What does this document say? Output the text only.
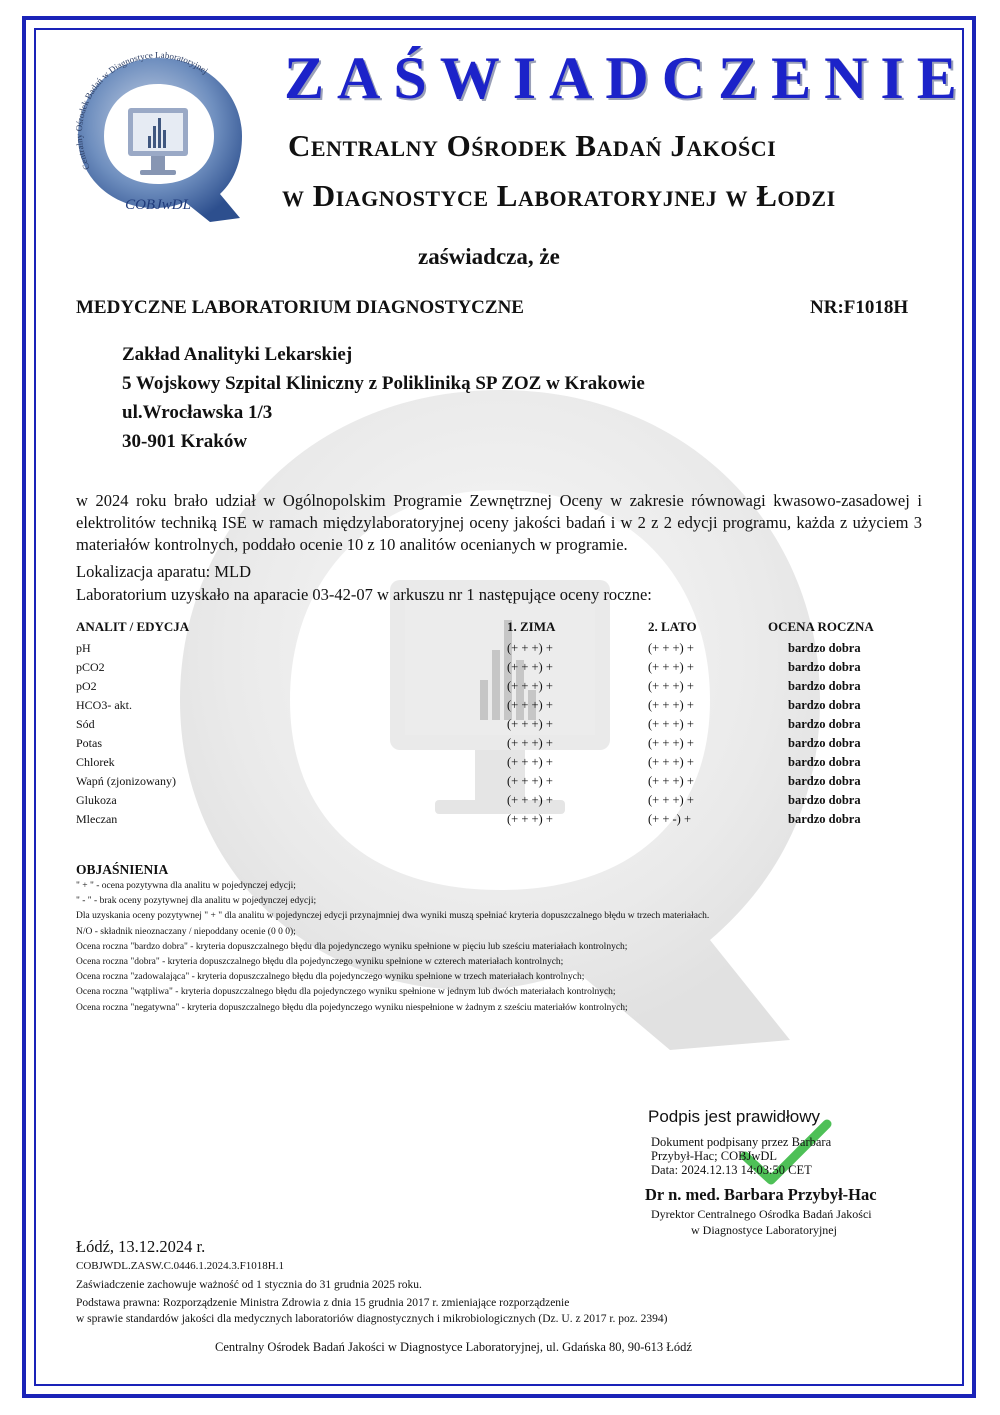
Centralny Ośrodek Badań w Diagnostyce Laboratoryjnej
COBJwDL
ZAŚWIADCZENIE
Centralny Ośrodek Badań Jakości
w Diagnostyce Laboratoryjnej w Łodzi
zaświadcza, że
MEDYCZNE LABORATORIUM DIAGNOSTYCZNE	NR:F1018H
Zakład Analityki Lekarskiej
5 Wojskowy Szpital Kliniczny z Polikliniką SP ZOZ w Krakowie
ul.Wrocławska 1/3
30-901 Kraków
w 2024 roku brało udział w Ogólnopolskim Programie Zewnętrznej Oceny w zakresie równowagi kwasowo-zasadowej i elektrolitów techniką ISE w ramach międzylaboratoryjnej oceny jakości badań i w 2 z 2 edycji programu, każda z użyciem 3 materiałów kontrolnych, poddało ocenie 10 z 10 analitów ocenianych w programie.
Lokalizacja aparatu: MLD
Laboratorium uzyskało na aparacie 03-42-07 w arkuszu nr 1 następujące oceny roczne:
ANALIT / EDYCJA	1. ZIMA	2. LATO	OCENA ROCZNA
pH	(+ + +) +	(+ + +) +	bardzo dobra
pCO2	(+ + +) +	(+ + +) +	bardzo dobra
pO2	(+ + +) +	(+ + +) +	bardzo dobra
HCO3- akt.	(+ + +) +	(+ + +) +	bardzo dobra
Sód	(+ + +) +	(+ + +) +	bardzo dobra
Potas	(+ + +) +	(+ + +) +	bardzo dobra
Chlorek	(+ + +) +	(+ + +) +	bardzo dobra
Wapń (zjonizowany)	(+ + +) +	(+ + +) +	bardzo dobra
Glukoza	(+ + +) +	(+ + +) +	bardzo dobra
Mleczan	(+ + +) +	(+ + -) +	bardzo dobra
OBJAŚNIENIA
" + " - ocena pozytywna dla analitu w pojedynczej edycji;
" - " - brak oceny pozytywnej dla analitu w pojedynczej edycji;
Dla uzyskania oceny pozytywnej " + " dla analitu w pojedynczej edycji przynajmniej dwa wyniki muszą spełniać kryteria dopuszczalnego błędu w trzech materiałach.
N/O - składnik nieoznaczany / niepoddany ocenie (0 0 0);
Ocena roczna "bardzo dobra" - kryteria dopuszczalnego błędu dla pojedynczego wyniku spełnione w pięciu lub sześciu materiałach kontrolnych;
Ocena roczna "dobra" - kryteria dopuszczalnego błędu dla pojedynczego wyniku spełnione w czterech materiałach kontrolnych;
Ocena roczna "zadowalająca" - kryteria dopuszczalnego błędu dla pojedynczego wyniku spełnione w trzech materiałach kontrolnych;
Ocena roczna "wątpliwa" - kryteria dopuszczalnego błędu dla pojedynczego wyniku spełnione w jednym lub dwóch materiałach kontrolnych;
Ocena roczna "negatywna" - kryteria dopuszczalnego błędu dla pojedynczego wyniku niespełnione w żadnym z sześciu materiałów kontrolnych;
Podpis jest prawidłowy
Dokument podpisany przez Barbara
Przybył-Hac; COBJwDL
Data: 2024.12.13 14:03:50 CET
Dr n. med. Barbara Przybył-Hac
Dyrektor Centralnego Ośrodka Badań Jakości
w Diagnostyce Laboratoryjnej
Łódź, 13.12.2024 r.
COBJWDL.ZASW.C.0446.1.2024.3.F1018H.1
Zaświadczenie zachowuje ważność od 1 stycznia do 31 grudnia 2025 roku.
Podstawa prawna: Rozporządzenie Ministra Zdrowia z dnia 15 grudnia 2017 r. zmieniające rozporządzenie
w sprawie standardów jakości dla medycznych laboratoriów diagnostycznych i mikrobiologicznych (Dz. U. z 2017 r. poz. 2394)
Centralny Ośrodek Badań Jakości w Diagnostyce Laboratoryjnej, ul. Gdańska 80, 90-613 Łódź
